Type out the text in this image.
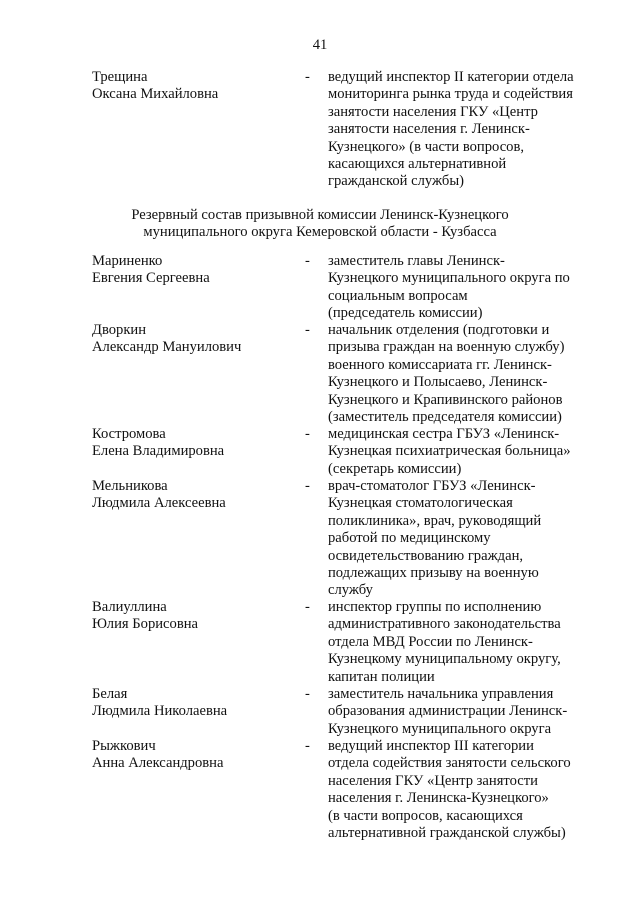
41
Трещина
Оксана Михайловна
- ведущий инспектор II категории отдела
мониторинга рынка труда и содействия
занятости населения ГКУ «Центр
занятости населения г. Ленинск-
Кузнецкого» (в части вопросов,
касающихся альтернативной
гражданской службы)
Резервный состав призывной комиссии Ленинск-Кузнецкого
муниципального округа Кемеровской области - Кузбасса
Мариненко
Евгения Сергеевна
- заместитель главы Ленинск-
Кузнецкого муниципального округа по
социальным вопросам
(председатель комиссии)
Дворкин
Александр Мануилович
- начальник отделения (подготовки и
призыва граждан на военную службу)
военного комиссариата гг. Ленинск-
Кузнецкого и Полысаево, Ленинск-
Кузнецкого и Крапивинского районов
(заместитель председателя комиссии)
Костромова
Елена Владимировна
- медицинская сестра ГБУЗ «Ленинск-
Кузнецкая психиатрическая больница»
(секретарь комиссии)
Мельникова
Людмила Алексеевна
- врач-стоматолог ГБУЗ «Ленинск-
Кузнецкая стоматологическая
поликлиника», врач, руководящий
работой по медицинскому
освидетельствованию граждан,
подлежащих призыву на военную
службу
Валиуллина
Юлия Борисовна
- инспектор группы по исполнению
административного законодательства
отдела МВД России по Ленинск-
Кузнецкому муниципальному округу,
капитан полиции
Белая
Людмила Николаевна
- заместитель начальника управления
образования администрации Ленинск-
Кузнецкого муниципального округа
Рыжкович
Анна Александровна
- ведущий инспектор III категории
отдела содействия занятости сельского
населения ГКУ «Центр занятости
населения г. Ленинска-Кузнецкого»
(в части вопросов, касающихся
альтернативной гражданской службы)
